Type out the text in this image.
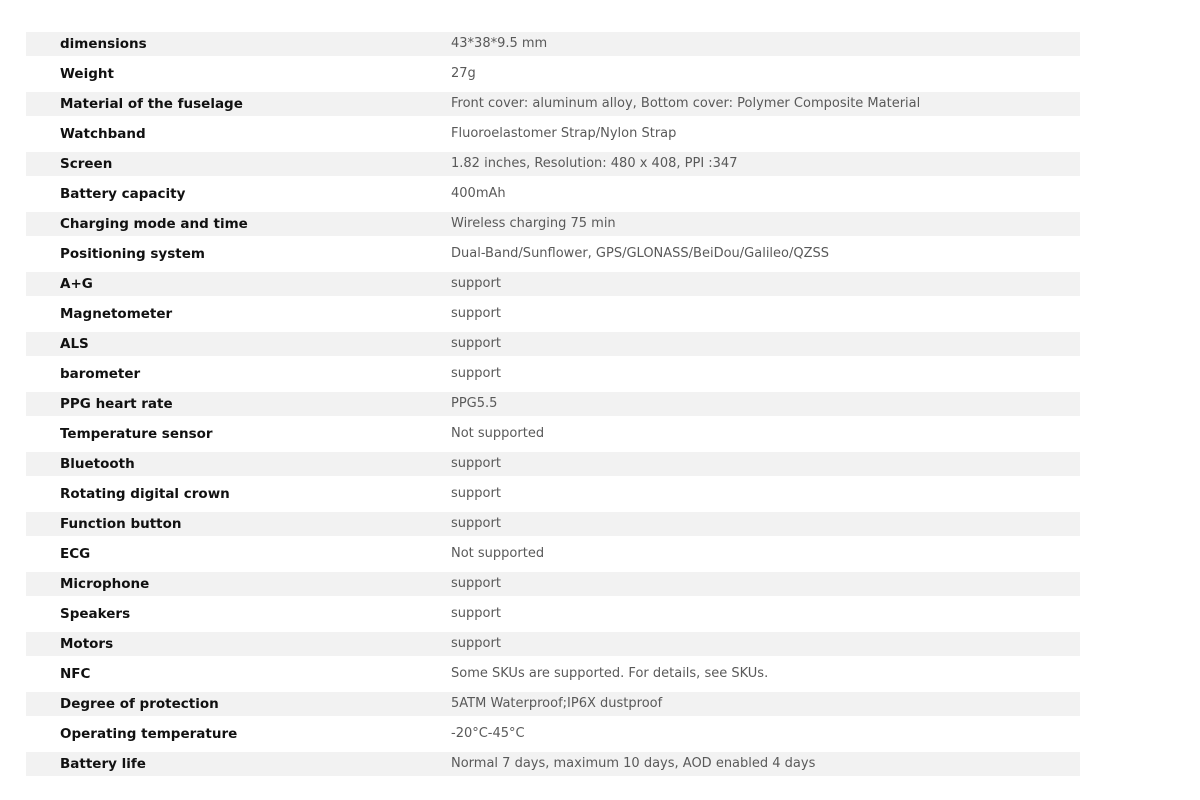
dimensions	43*38*9.5 mm
Weight	27g
Material of the fuselage	Front cover: aluminum alloy, Bottom cover: Polymer Composite Material
Watchband	Fluoroelastomer Strap/Nylon Strap
Screen	1.82 inches, Resolution: 480 x 408, PPI :347
Battery capacity	400mAh
Charging mode and time	Wireless charging 75 min
Positioning system	Dual-Band/Sunflower, GPS/GLONASS/BeiDou/Galileo/QZSS
A+G	support
Magnetometer	support
ALS	support
barometer	support
PPG heart rate	PPG5.5
Temperature sensor	Not supported
Bluetooth	support
Rotating digital crown	support
Function button	support
ECG	Not supported
Microphone	support
Speakers	support
Motors	support
NFC	Some SKUs are supported. For details, see SKUs.
Degree of protection	5ATM Waterproof;IP6X dustproof
Operating temperature	-20°C-45°C
Battery life	Normal 7 days, maximum 10 days, AOD enabled 4 days
